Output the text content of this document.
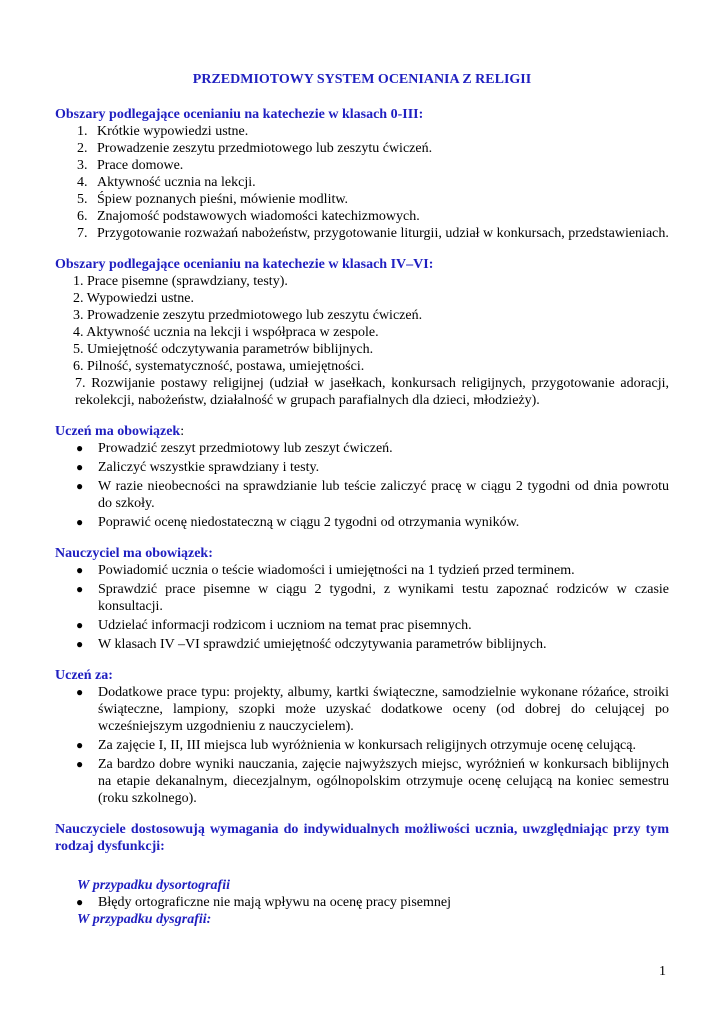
PRZEDMIOTOWY SYSTEM OCENIANIA Z RELIGII

Obszary podlegające ocenianiu na katechezie w klasach 0-III:

1. Krótkie wypowiedzi ustne.
2. Prowadzenie zeszytu przedmiotowego lub zeszytu ćwiczeń.
3. Prace domowe.
4. Aktywność ucznia na lekcji.
5. Śpiew poznanych pieśni, mówienie modlitw.
6. Znajomość podstawowych wiadomości katechizmowych.
7. Przygotowanie rozważań nabożeństw, przygotowanie liturgii, udział w konkursach, przedstawieniach.

Obszary podlegające ocenianiu na katechezie w klasach IV–VI:

1. Prace pisemne (sprawdziany, testy).
2. Wypowiedzi ustne.
3. Prowadzenie zeszytu przedmiotowego lub zeszytu ćwiczeń.
4. Aktywność ucznia na lekcji i współpraca w zespole.
5. Umiejętność odczytywania parametrów biblijnych.
6. Pilność, systematyczność, postawa, umiejętności.
7. Rozwijanie postawy religijnej (udział w jasełkach, konkursach religijnych, przygotowanie adoracji, rekolekcji, nabożeństw, działalność w grupach parafialnych dla dzieci, młodzieży).

Uczeń ma obowiązek:

● Prowadzić zeszyt przedmiotowy lub zeszyt ćwiczeń.
● Zaliczyć wszystkie sprawdziany i testy.
● W razie nieobecności na sprawdzianie lub teście zaliczyć pracę w ciągu 2 tygodni od dnia powrotu do szkoły.
● Poprawić ocenę niedostateczną w ciągu 2 tygodni od otrzymania wyników.

Nauczyciel ma obowiązek:

● Powiadomić ucznia o teście wiadomości i umiejętności na 1 tydzień przed terminem.
● Sprawdzić prace pisemne w ciągu 2 tygodni, z wynikami testu zapoznać rodziców w czasie konsultacji.
● Udzielać informacji rodzicom i uczniom na temat prac pisemnych.
● W klasach IV –VI sprawdzić umiejętność odczytywania parametrów biblijnych.

Uczeń za:

● Dodatkowe prace typu: projekty, albumy, kartki świąteczne, samodzielnie wykonane różańce, stroiki świąteczne, lampiony, szopki może uzyskać dodatkowe oceny (od dobrej do celującej po wcześniejszym uzgodnieniu z nauczycielem).
● Za zajęcie I, II, III miejsca lub wyróżnienia w konkursach religijnych otrzymuje ocenę celującą.
● Za bardzo dobre wyniki nauczania, zajęcie najwyższych miejsc, wyróżnień w konkursach biblijnych na etapie dekanalnym, diecezjalnym, ogólnopolskim otrzymuje ocenę celującą na koniec semestru (roku szkolnego).

Nauczyciele dostosowują wymagania do indywidualnych możliwości ucznia, uwzględniając przy tym rodzaj dysfunkcji:

W przypadku dysortografii

● Błędy ortograficzne nie mają wpływu na ocenę pracy pisemnej

W przypadku dysgrafii:

1
